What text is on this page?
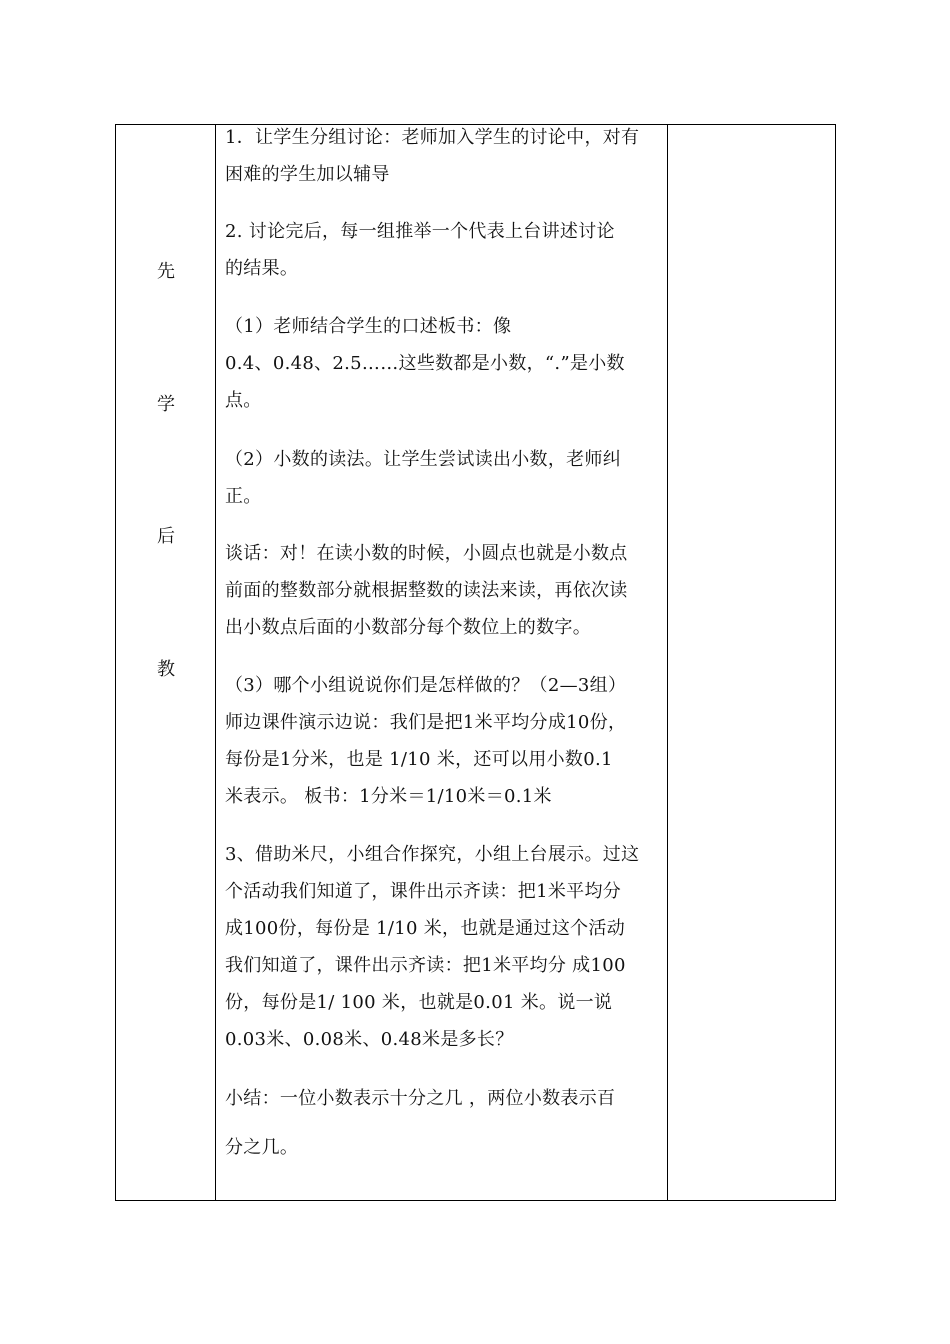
先
学
后
教
1．让学生分组讨论：老师加入学生的讨论中，对有
困难的学生加以辅导
2. 讨论完后，每一组推举一个代表上台讲述讨论
的结果。
（1）老师结合学生的口述板书：像
0.4、0.48、2.5……这些数都是小数，“.”是小数
点。
（2）小数的读法。让学生尝试读出小数，老师纠
正。
谈话：对！在读小数的时候，小圆点也就是小数点
前面的整数部分就根据整数的读法来读，再依次读
出小数点后面的小数部分每个数位上的数字。
（3）哪个小组说说你们是怎样做的？（2—3组）
师边课件演示边说：我们是把1米平均分成10份，
每份是1分米，也是 1/10 米，还可以用小数0.1
米表示。 板书：1分米＝1/10米＝0.1米
3、借助米尺，小组合作探究，小组上台展示。过这
个活动我们知道了，课件出示齐读：把1米平均分
成100份，每份是 1/10 米，也就是通过这个活动
我们知道了，课件出示齐读：把1米平均分 成100
份，每份是1/ 100 米，也就是0.01 米。说一说
0.03米、0.08米、0.48米是多长？
小结：一位小数表示十分之几 ，两位小数表示百
分之几。
